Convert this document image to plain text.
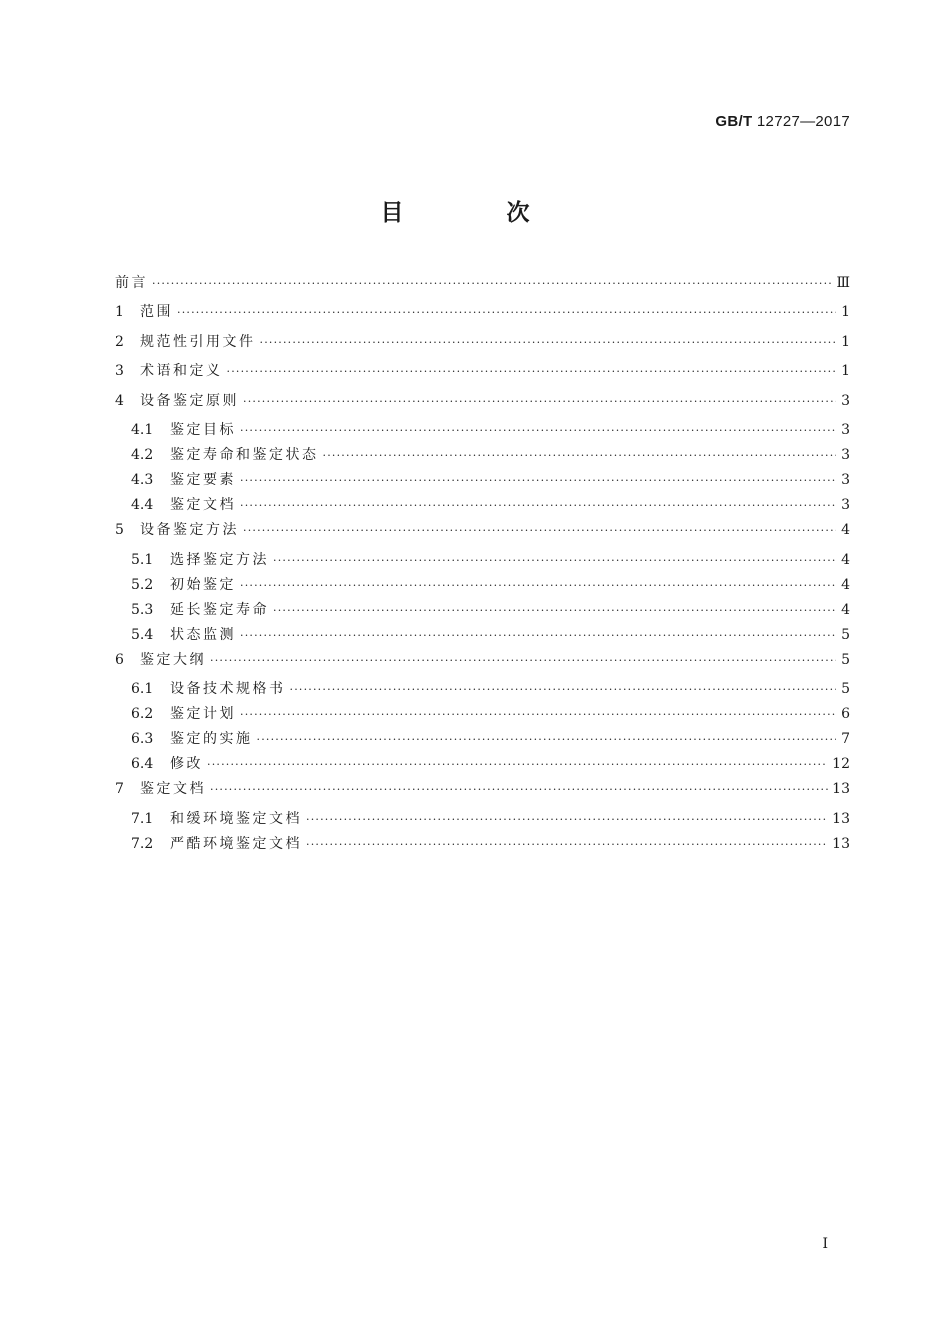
GB/T 12727—2017
目　次
前言 ·····	Ⅲ
1	范围 ·····	1
2	规范性引用文件 ·····	1
3	术语和定义 ·····	1
4	设备鉴定原则 ·····	3
4.1	鉴定目标 ·····	3
4.2	鉴定寿命和鉴定状态 ·····	3
4.3	鉴定要素 ·····	3
4.4	鉴定文档 ·····	3
5	设备鉴定方法 ·····	4
5.1	选择鉴定方法 ·····	4
5.2	初始鉴定 ·····	4
5.3	延长鉴定寿命 ·····	4
5.4	状态监测 ·····	5
6	鉴定大纲 ·····	5
6.1	设备技术规格书 ·····	5
6.2	鉴定计划 ·····	6
6.3	鉴定的实施 ·····	7
6.4	修改 ·····	12
7	鉴定文档 ·····	13
7.1	和缓环境鉴定文档 ·····	13
7.2	严酷环境鉴定文档 ·····	13
I
